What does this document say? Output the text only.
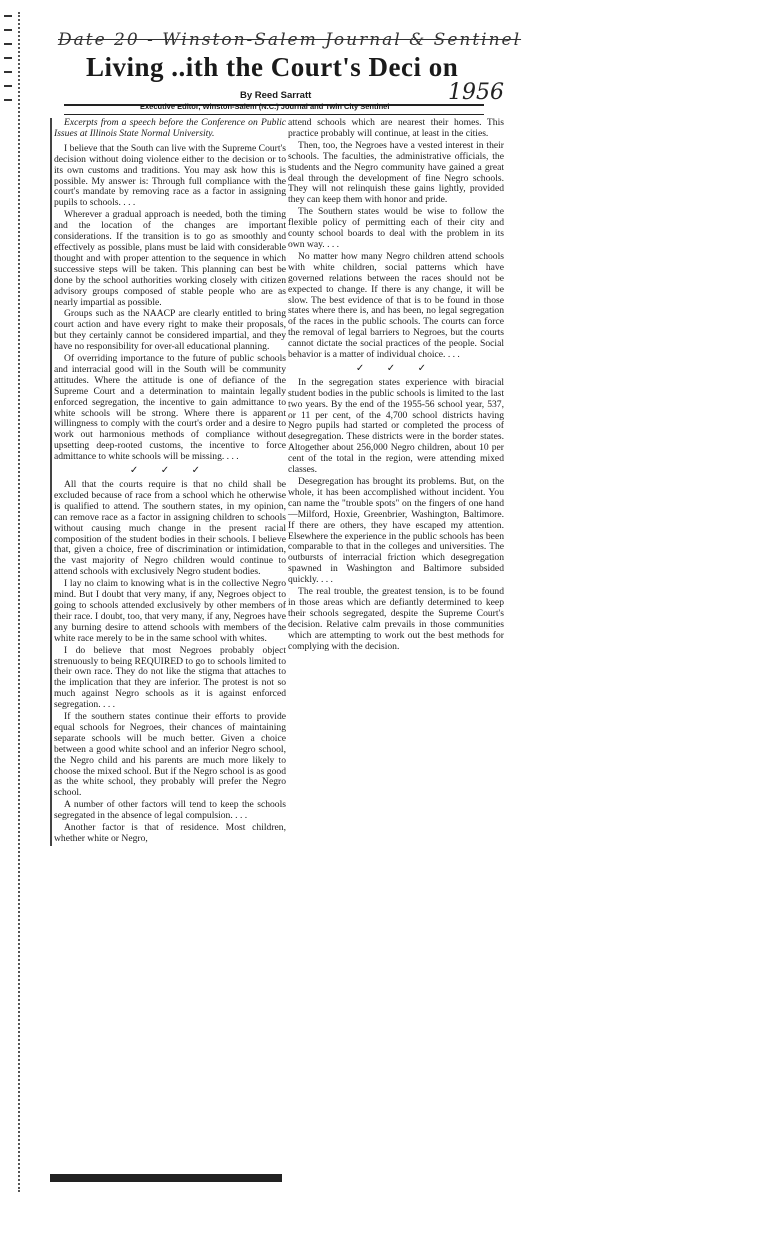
Date 20 - Winston-Salem Journal & Sentinel
Living ..ith the Court's Deci on
1956
By Reed Sarratt
Executive Editor, Winston-Salem (N.C.) Journal and Twin City Sentinel

Excerpts from a speech before the Conference on Public Issues at Illinois State Normal University.

I believe that the South can live with the Supreme Court's decision without doing violence either to the decision or to its own customs and traditions. You may ask how this is possible. My answer is: Through full compliance with the court's mandate by removing race as a factor in assigning pupils to schools. . . .

Wherever a gradual approach is needed, both the timing and the location of the changes are important considerations. If the transition is to go as smoothly and effectively as possible, plans must be laid with considerable thought and with proper attention to the sequence in which successive steps will be taken. This planning can best be done by the school authorities working closely with citizen advisory groups composed of stable people who are as nearly impartial as possible.

Groups such as the NAACP are clearly entitled to bring court action and have every right to make their proposals, but they certainly cannot be considered impartial, and they have no responsibility for over-all educational planning.

Of overriding importance to the future of public schools and interracial good will in the South will be community attitudes. Where the attitude is one of defiance of the Supreme Court and a determination to maintain legally enforced segregation, the incentive to gain admittance to white schools will be strong. Where there is apparent willingness to comply with the court's order and a desire to work out harmonious methods of compliance without upsetting deep-rooted customs, the incentive to force admittance to white schools will be missing. . . .

✓ ✓ ✓

All that the courts require is that no child shall be excluded because of race from a school which he otherwise is qualified to attend. The southern states, in my opinion, can remove race as a factor in assigning children to schools without causing much change in the present racial composition of the student bodies in their schools. I believe that, given a choice, free of discrimination or intimidation, the vast majority of Negro children would continue to attend schools with exclusively Negro student bodies.

I lay no claim to knowing what is in the collective Negro mind. But I doubt that very many, if any, Negroes object to going to schools attended exclusively by other members of their race. I doubt, too, that very many, if any, Negroes have any burning desire to attend schools with members of the white race merely to be in the same school with whites.

I do believe that most Negroes probably object strenuously to being REQUIRED to go to schools limited to their own race. They do not like the stigma that attaches to the implication that they are inferior. The protest is not so much against Negro schools as it is against enforced segregation. . . .

If the southern states continue their efforts to provide equal schools for Negroes, their chances of maintaining separate schools will be much better. Given a choice between a good white school and an inferior Negro school, the Negro child and his parents are much more likely to choose the mixed school. But if the Negro school is as good as the white school, they probably will prefer the Negro school.

A number of other factors will tend to keep the schools segregated in the absence of legal compulsion. . . .

Another factor is that of residence. Most children, whether white or Negro,

attend schools which are nearest their homes. This practice probably will continue, at least in the cities.

Then, too, the Negroes have a vested interest in their schools. The faculties, the administrative officials, the students and the Negro community have gained a great deal through the development of fine Negro schools. They will not relinquish these gains lightly, provided they can keep them with honor and pride.

The Southern states would be wise to follow the flexible policy of permitting each of their city and county school boards to deal with the problem in its own way. . . .

No matter how many Negro children attend schools with white children, social patterns which have governed relations between the races should not be expected to change. If there is any change, it will be slow. The best evidence of that is to be found in those states where there is, and has been, no legal segregation of the races in the public schools. The courts can force the removal of legal barriers to Negroes, but the courts cannot dictate the social practices of the people. Social behavior is a matter of individual choice. . . .

✓ ✓ ✓

In the segregation states experience with biracial student bodies in the public schools is limited to the last two years. By the end of the 1955-56 school year, 537, or 11 per cent, of the 4,700 school districts having Negro pupils had started or completed the process of desegregation. These districts were in the border states. Altogether about 256,000 Negro children, about 10 per cent of the total in the region, were attending mixed classes.

Desegregation has brought its problems. But, on the whole, it has been accomplished without incident. You can name the "trouble spots" on the fingers of one hand—Milford, Hoxie, Greenbrier, Washington, Baltimore. If there are others, they have escaped my attention. Elsewhere the experience in the public schools has been comparable to that in the colleges and universities. The outbursts of interracial friction which desegregation spawned in Washington and Baltimore subsided quickly. . . .

The real trouble, the greatest tension, is to be found in those areas which are defiantly determined to keep their schools segregated, despite the Supreme Court's decision. Relative calm prevails in those communities which are attempting to work out the best methods for complying with the decision.
